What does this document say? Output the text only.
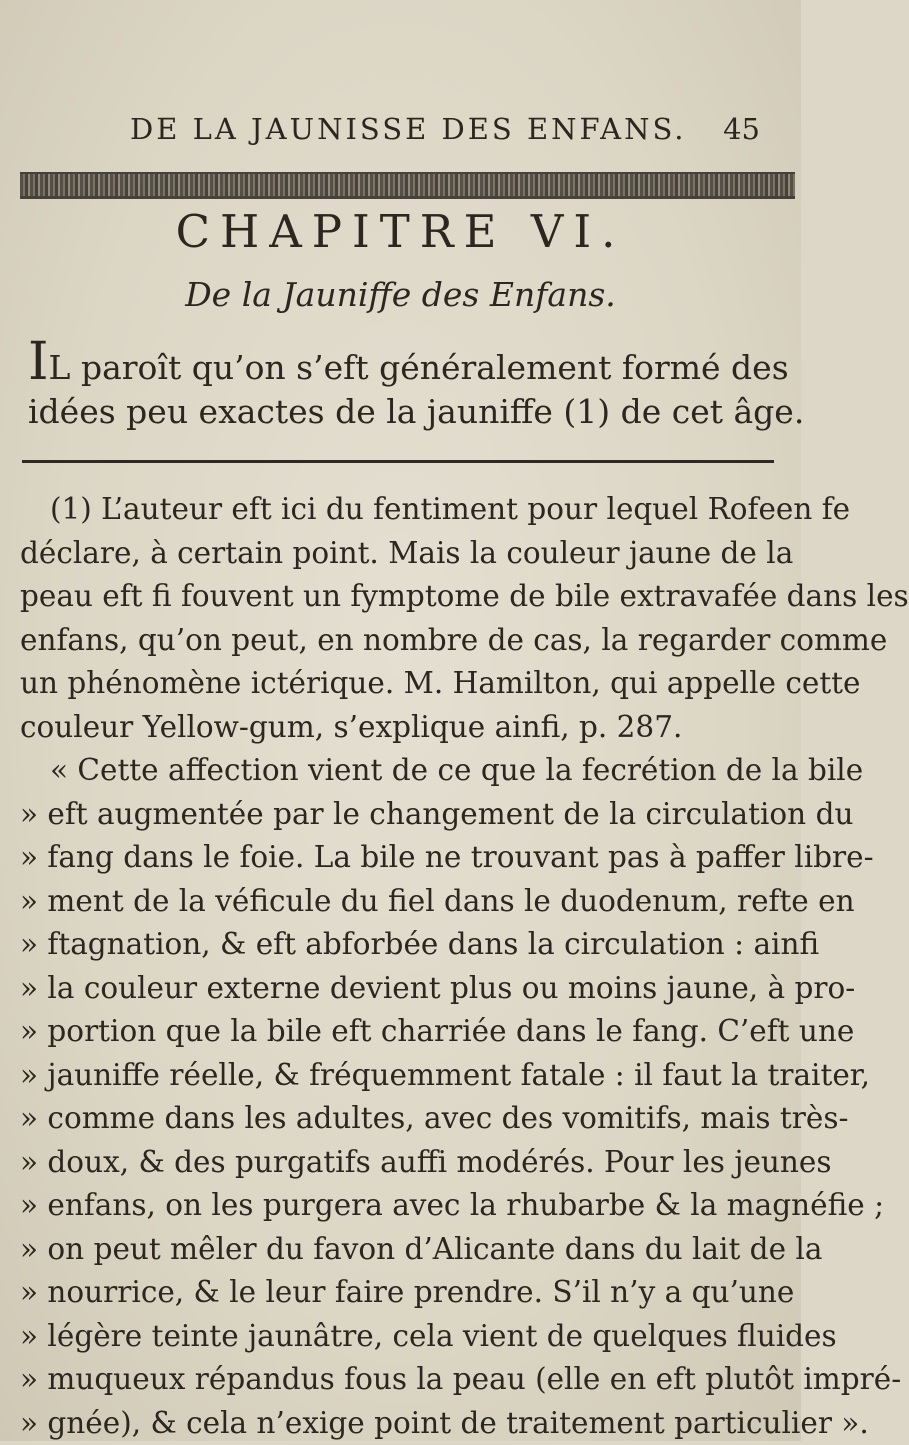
DE LA JAUNISSE DES ENFANS. 45
CHAPITRE VI.
De la Jauniffe des Enfans.
IL paroît qu’on s’eft généralement formé des
idées peu exactes de la jauniffe (1) de cet âge.
(1) L’auteur eft ici du fentiment pour lequel Rofeen fe
déclare, à certain point. Mais la couleur jaune de la
peau eft fi fouvent un fymptome de bile extravafée dans les
enfans, qu’on peut, en nombre de cas, la regarder comme
un phénomène ictérique. M. Hamilton, qui appelle cette
couleur Yellow-gum, s’explique ainfi, p. 287.
« Cette affection vient de ce que la fecrétion de la bile
» eft augmentée par le changement de la circulation du
» fang dans le foie. La bile ne trouvant pas à paffer libre-
» ment de la véficule du fiel dans le duodenum, refte en
» ftagnation, & eft abforbée dans la circulation : ainfi
» la couleur externe devient plus ou moins jaune, à pro-
» portion que la bile eft charriée dans le fang. C’eft une
» jauniffe réelle, & fréquemment fatale : il faut la traiter,
» comme dans les adultes, avec des vomitifs, mais très-
» doux, & des purgatifs auffi modérés. Pour les jeunes
» enfans, on les purgera avec la rhubarbe & la magnéfie ;
» on peut mêler du favon d’Alicante dans du lait de la
» nourrice, & le leur faire prendre. S’il n’y a qu’une
» légère teinte jaunâtre, cela vient de quelques fluides
» muqueux répandus fous la peau (elle en eft plutôt impré-
» gnée), & cela n’exige point de traitement particulier ».
